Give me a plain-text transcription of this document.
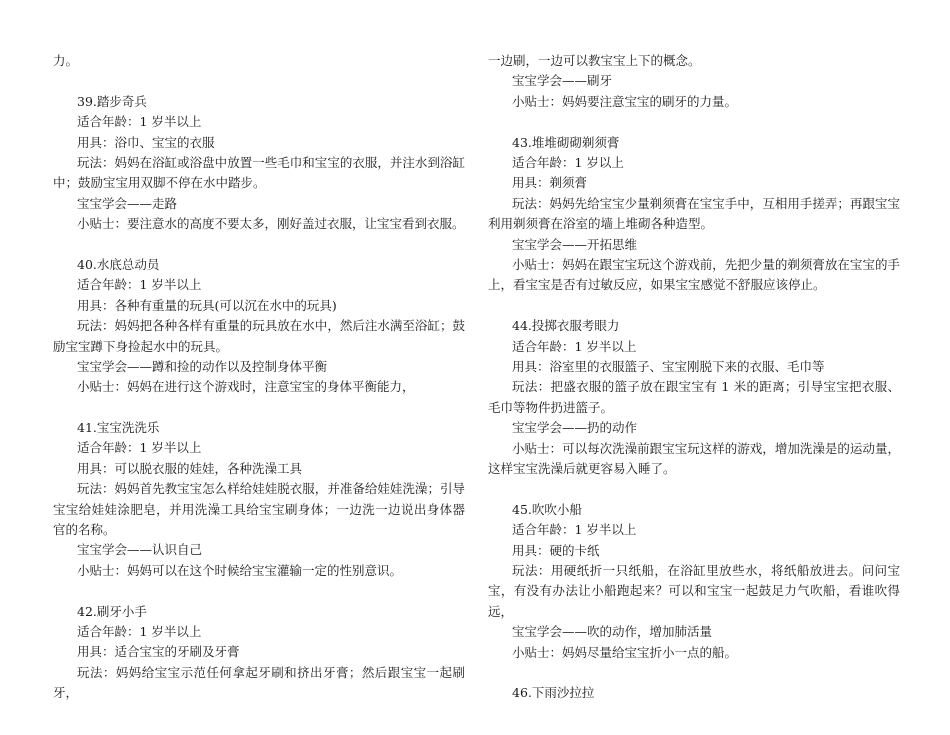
力。
39.踏步奇兵
适合年龄：1 岁半以上
用具：浴巾、宝宝的衣服
玩法：妈妈在浴缸或浴盘中放置一些毛巾和宝宝的衣服，并注水到浴缸中；鼓励宝宝用双脚不停在水中踏步。
宝宝学会——走路
小贴士：要注意水的高度不要太多，刚好盖过衣服，让宝宝看到衣服。
40.水底总动员
适合年龄：1 岁半以上
用具：各种有重量的玩具(可以沉在水中的玩具)
玩法：妈妈把各种各样有重量的玩具放在水中，然后注水满至浴缸；鼓励宝宝蹲下身捡起水中的玩具。
宝宝学会——蹲和捡的动作以及控制身体平衡
小贴士：妈妈在进行这个游戏时，注意宝宝的身体平衡能力，
41.宝宝洗洗乐
适合年龄：1 岁半以上
用具：可以脱衣服的娃娃，各种洗澡工具
玩法：妈妈首先教宝宝怎么样给娃娃脱衣服，并准备给娃娃洗澡；引导宝宝给娃娃涂肥皂，并用洗澡工具给宝宝刷身体；一边洗一边说出身体器官的名称。
宝宝学会——认识自己
小贴士：妈妈可以在这个时候给宝宝灌输一定的性别意识。
42.刷牙小手
适合年龄：1 岁半以上
用具：适合宝宝的牙刷及牙膏
玩法：妈妈给宝宝示范任何拿起牙刷和挤出牙膏；然后跟宝宝一起刷牙，
一边刷，一边可以教宝宝上下的概念。
宝宝学会——刷牙
小贴士：妈妈要注意宝宝的刷牙的力量。
43.堆堆砌砌剃须膏
适合年龄：1 岁以上
用具：剃须膏
玩法：妈妈先给宝宝少量剃须膏在宝宝手中，互相用手搓弄；再跟宝宝利用剃须膏在浴室的墙上堆砌各种造型。
宝宝学会——开拓思维
小贴士：妈妈在跟宝宝玩这个游戏前，先把少量的剃须膏放在宝宝的手上，看宝宝是否有过敏反应，如果宝宝感觉不舒服应该停止。
44.投掷衣服考眼力
适合年龄：1 岁半以上
用具：浴室里的衣服篮子、宝宝刚脱下来的衣服、毛巾等
玩法：把盛衣服的篮子放在跟宝宝有 1 米的距离；引导宝宝把衣服、毛巾等物件扔进篮子。
宝宝学会——扔的动作
小贴士：可以每次洗澡前跟宝宝玩这样的游戏，增加洗澡是的运动量，这样宝宝洗澡后就更容易入睡了。
45.吹吹小船
适合年龄：1 岁半以上
用具：硬的卡纸
玩法：用硬纸折一只纸船，在浴缸里放些水，将纸船放进去。问问宝宝，有没有办法让小船跑起来？可以和宝宝一起鼓足力气吹船，看谁吹得远，
宝宝学会——吹的动作，增加肺活量
小贴士：妈妈尽量给宝宝折小一点的船。
46.下雨沙拉拉
